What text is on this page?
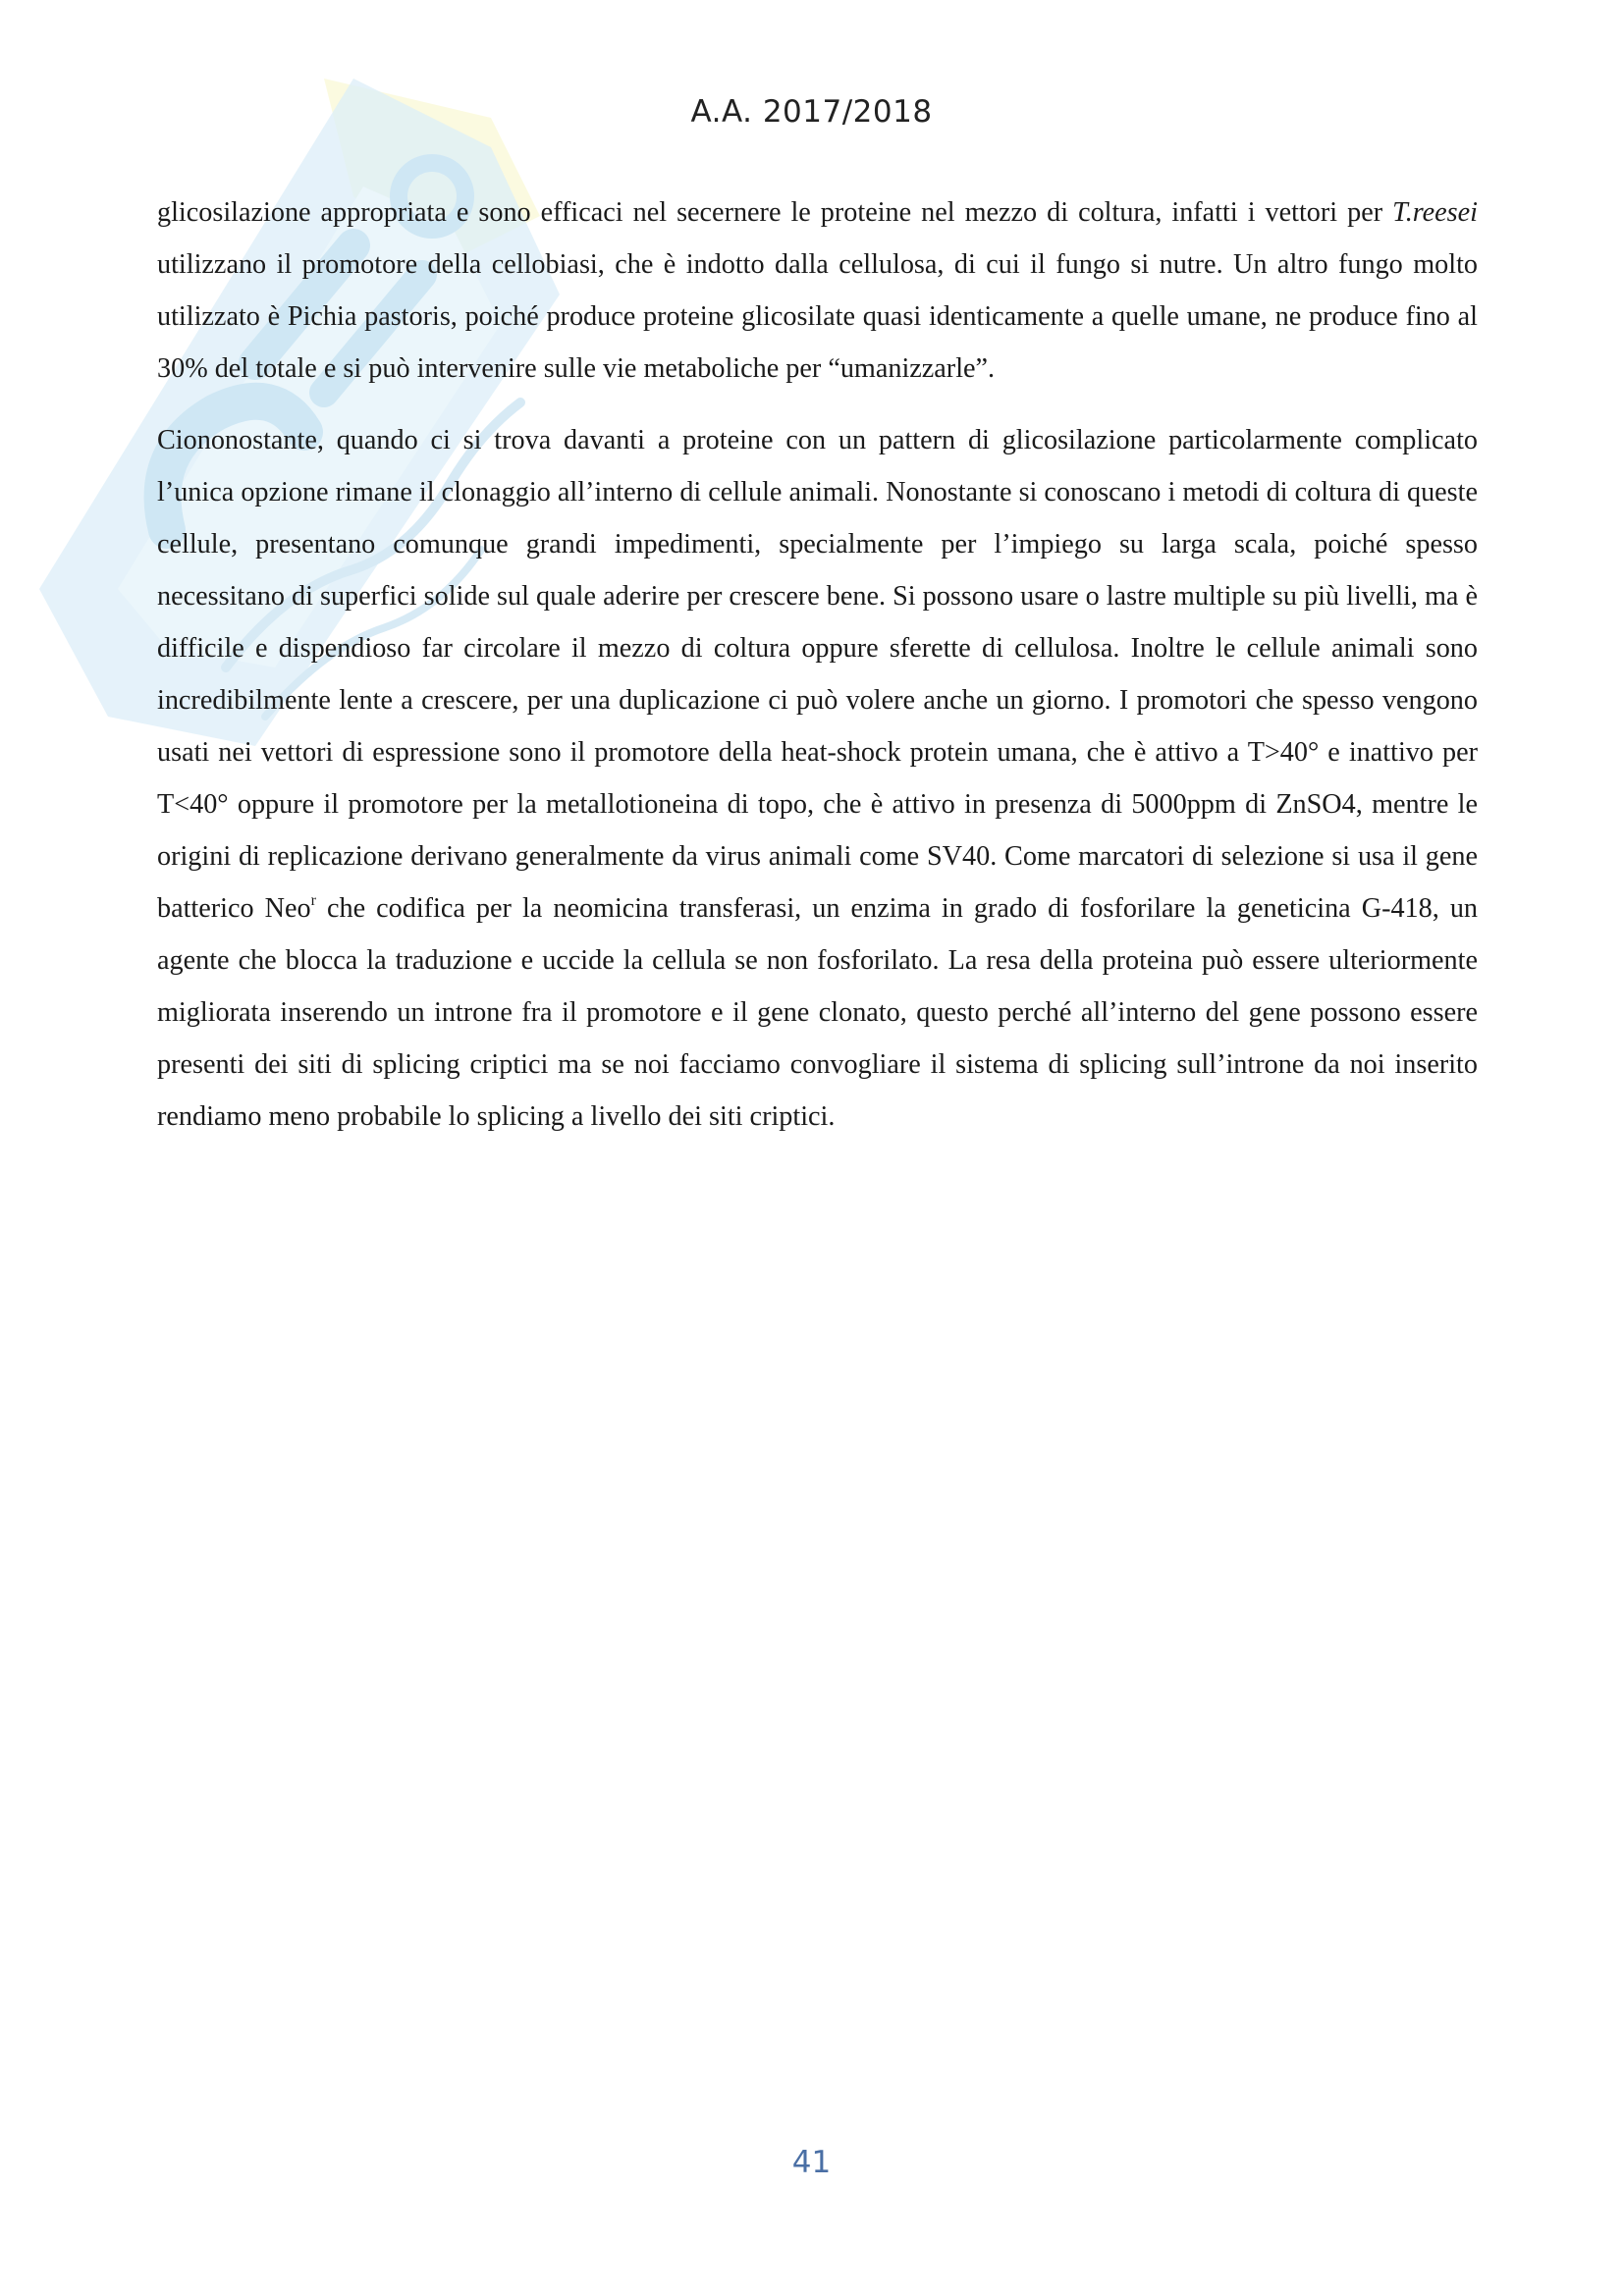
A.A. 2017/2018

glicosilazione appropriata e sono efficaci nel secernere le proteine nel mezzo di coltura, infatti i vettori per T.reesei utilizzano il promotore della cellobiasi, che è indotto dalla cellulosa, di cui il fungo si nutre. Un altro fungo molto utilizzato è Pichia pastoris, poiché produce proteine glicosilate quasi identicamente a quelle umane, ne produce fino al 30% del totale e si può intervenire sulle vie metaboliche per “umanizzarle”.

Ciononostante, quando ci si trova davanti a proteine con un pattern di glicosilazione particolarmente complicato l’unica opzione rimane il clonaggio all’interno di cellule animali. Nonostante si conoscano i metodi di coltura di queste cellule, presentano comunque grandi impedimenti, specialmente per l’impiego su larga scala, poiché spesso necessitano di superfici solide sul quale aderire per crescere bene. Si possono usare o lastre multiple su più livelli, ma è difficile e dispendioso far circolare il mezzo di coltura oppure sferette di cellulosa. Inoltre le cellule animali sono incredibilmente lente a crescere, per una duplicazione ci può volere anche un giorno. I promotori che spesso vengono usati nei vettori di espressione sono il promotore della heat-shock protein umana, che è attivo a T>40° e inattivo per T<40° oppure il promotore per la metallotioneina di topo, che è attivo in presenza di 5000ppm di ZnSO4, mentre le origini di replicazione derivano generalmente da virus animali come SV40. Come marcatori di selezione si usa il gene batterico Neo$^r$ che codifica per la neomicina transferasi, un enzima in grado di fosforilare la geneticina G-418, un agente che blocca la traduzione e uccide la cellula se non fosforilato. La resa della proteina può essere ulteriormente migliorata inserendo un introne fra il promotore e il gene clonato, questo perché all’interno del gene possono essere presenti dei siti di splicing criptici ma se noi facciamo convogliare il sistema di splicing sull’introne da noi inserito rendiamo meno probabile lo splicing a livello dei siti criptici.

41
